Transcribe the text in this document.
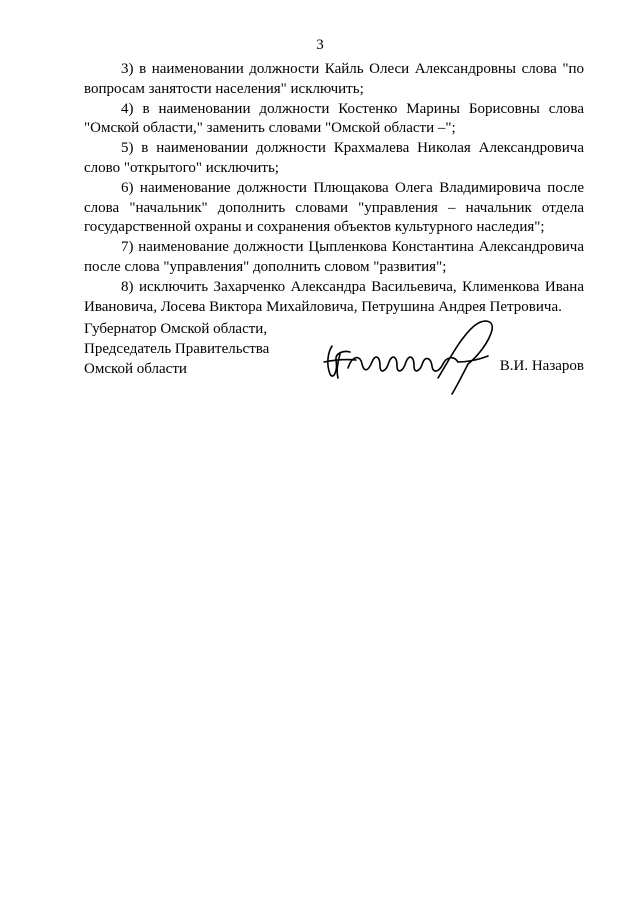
3

3) в наименовании должности Кайль Олеси Александровны слова "по вопросам занятости населения" исключить;

4) в наименовании должности Костенко Марины Борисовны слова "Омской области," заменить словами "Омской области –";

5) в наименовании должности Крахмалева Николая Александровича слово "открытого" исключить;

6) наименование должности Плющакова Олега Владимировича после слова "начальник" дополнить словами "управления – начальник отдела государственной охраны и сохранения объектов культурного наследия";

7) наименование должности Цыпленкова Константина Александровича после слова "управления" дополнить словом "развития";

8) исключить Захарченко Александра Васильевича, Клименкова Ивана Ивановича, Лосева Виктора Михайловича, Петрушина Андрея Петровича.

Губернатор Омской области,
Председатель Правительства
Омской области	В.И. Назаров
